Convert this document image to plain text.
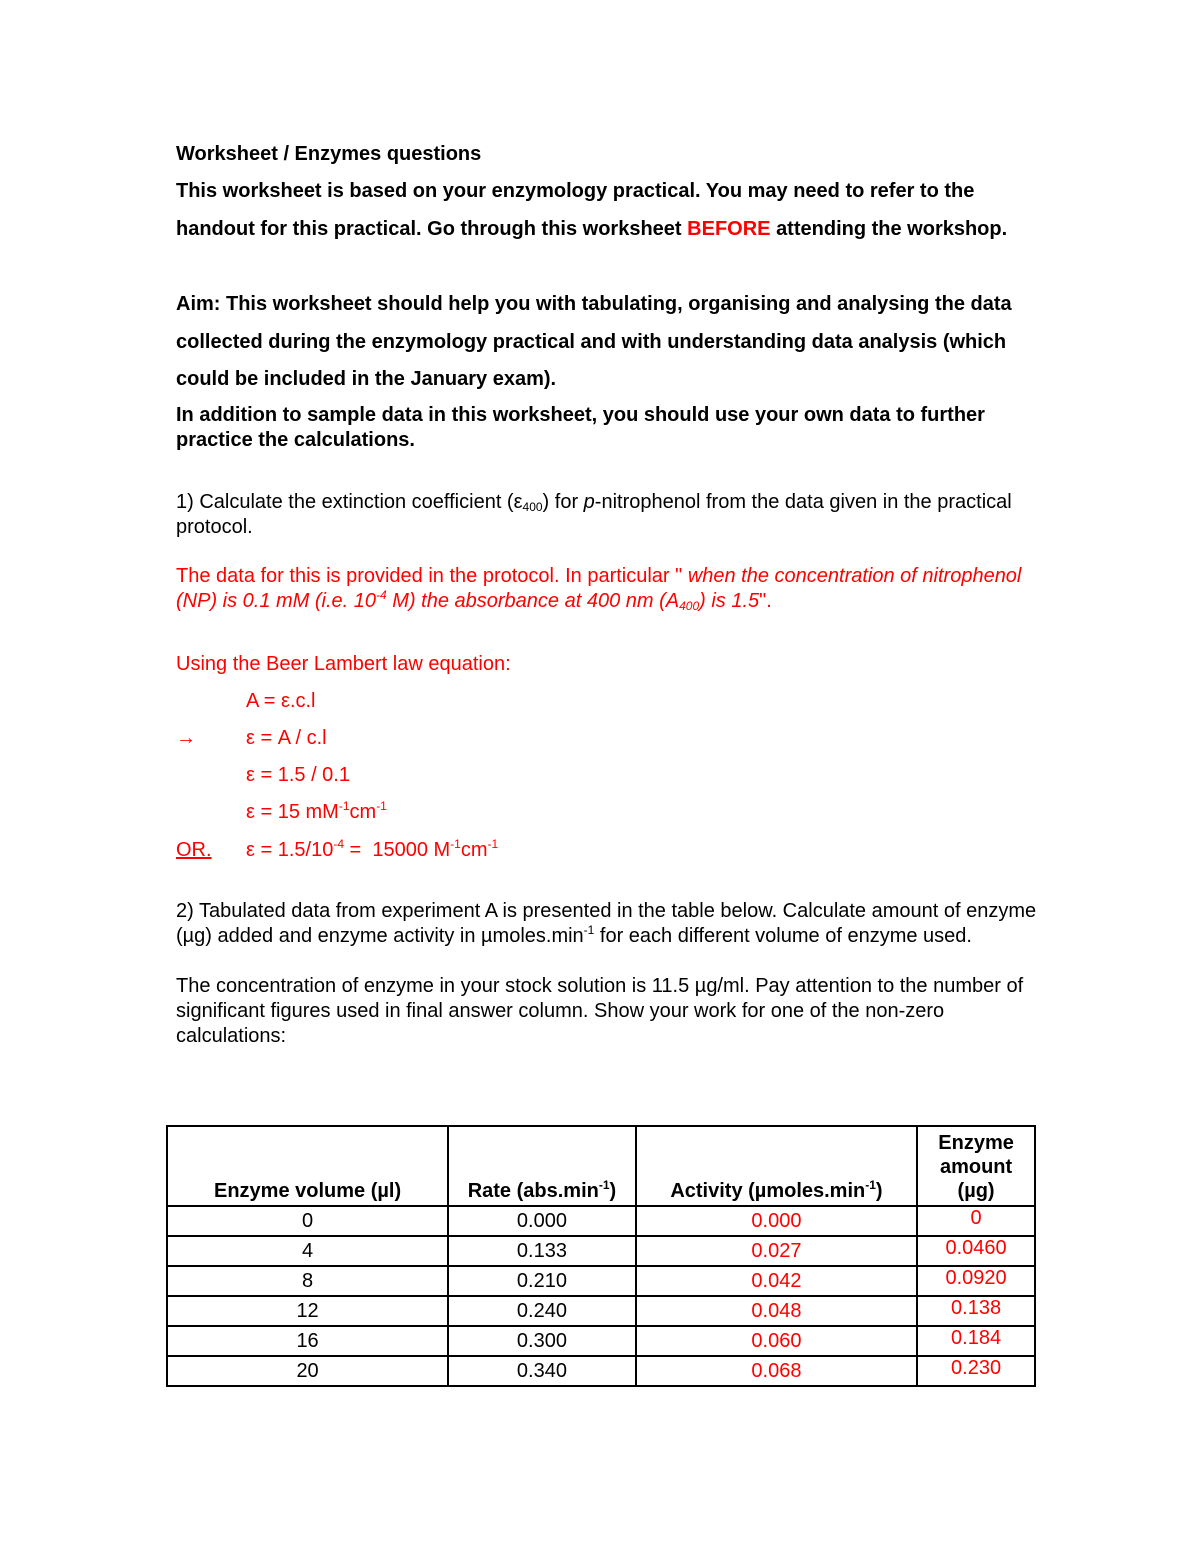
Worksheet / Enzymes questions
This worksheet is based on your enzymology practical. You may need to refer to the handout for this practical. Go through this worksheet BEFORE attending the workshop.
Aim: This worksheet should help you with tabulating, organising and analysing the data collected during the enzymology practical and with understanding data analysis (which could be included in the January exam).
In addition to sample data in this worksheet, you should use your own data to further practice the calculations.
1) Calculate the extinction coefficient $(\varepsilon_{400})$ for p-nitrophenol from the data given in the practical protocol.
The data for this is provided in the protocol. In particular " when the concentration of nitrophenol (NP) is 0.1 mM (i.e. $10^{-4}$ M) the absorbance at 400 nm $(A_{400})$ is 1.5".
Using the Beer Lambert law equation:
A = ε.c.l
→	ε = A / c.l
ε = 1.5 / 0.1
ε = 15 $mM^{-1}cm^{-1}$
OR. $\varepsilon = 1.5/10^{-4} = 15000$ $M^{-1}cm^{-1}$
2) Tabulated data from experiment A is presented in the table below. Calculate amount of enzyme (µg) added and enzyme activity in $\mu moles.\min^{-1}$ for each different volume of enzyme used.
The concentration of enzyme in your stock solution is 11.5 µg/ml. Pay attention to the number of significant figures used in final answer column. Show your work for one of the non-zero calculations:
Enzyme volume (µl)	Rate $(abs.\min^{-1})$	Activity $(\mu moles.\min^{-1})$	Enzyme
amount
(µg)
0	0.000	0.000	0
4	0.133	0.027	0.0460
8	0.210	0.042	0.0920
12	0.240	0.048	0.138
16	0.300	0.060	0.184
20	0.340	0.068	0.230
